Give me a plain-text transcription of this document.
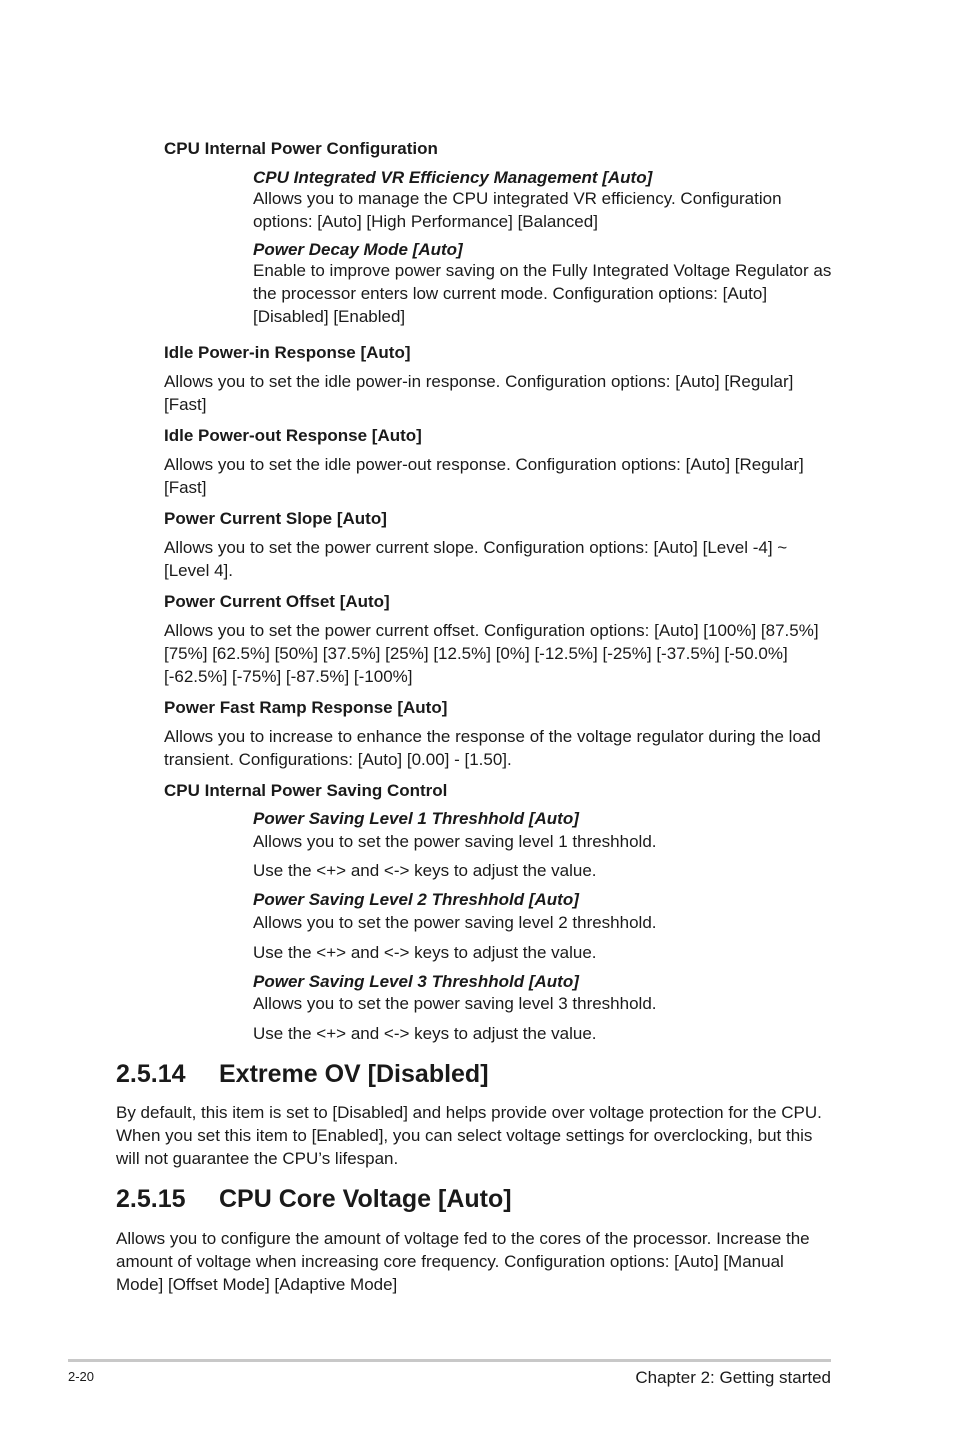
CPU Internal Power Configuration
CPU Integrated VR Efficiency Management [Auto]
Allows you to manage the CPU integrated VR efficiency. Configuration options: [Auto] [High Performance] [Balanced]
Power Decay Mode [Auto]
Enable to improve power saving on the Fully Integrated Voltage Regulator as the processor enters low current mode. Configuration options: [Auto] [Disabled] [Enabled]
Idle Power-in Response [Auto]
Allows you to set the idle power-in response. Configuration options: [Auto] [Regular] [Fast]
Idle Power-out Response [Auto]
Allows you to set the idle power-out response. Configuration options: [Auto] [Regular] [Fast]
Power Current Slope [Auto]
Allows you to set the power current slope. Configuration options: [Auto] [Level -4] ~ [Level 4].
Power Current Offset [Auto]
Allows you to set the power current offset. Configuration options: [Auto] [100%] [87.5%] [75%] [62.5%] [50%] [37.5%] [25%] [12.5%] [0%] [-12.5%] [-25%] [-37.5%] [-50.0%] [-62.5%] [-75%] [-87.5%] [-100%]
Power Fast Ramp Response [Auto]
Allows you to increase to enhance the response of the voltage regulator during the load transient. Configurations: [Auto] [0.00] - [1.50].
CPU Internal Power Saving Control
Power Saving Level 1 Threshhold [Auto]
Allows you to set the power saving level 1 threshhold.
Use the <+> and <-> keys to adjust the value.
Power Saving Level 2 Threshhold [Auto]
Allows you to set the power saving level 2 threshhold.
Use the <+> and <-> keys to adjust the value.
Power Saving Level 3 Threshhold [Auto]
Allows you to set the power saving level 3 threshhold.
Use the <+> and <-> keys to adjust the value.
2.5.14 Extreme OV [Disabled]
By default, this item is set to [Disabled] and helps provide over voltage protection for the CPU. When you set this item to [Enabled], you can select voltage settings for overclocking, but this will not guarantee the CPU’s lifespan.
2.5.15 CPU Core Voltage [Auto]
Allows you to configure the amount of voltage fed to the cores of the processor. Increase the amount of voltage when increasing core frequency. Configuration options: [Auto] [Manual Mode] [Offset Mode] [Adaptive Mode]
2-20	Chapter 2: Getting started
